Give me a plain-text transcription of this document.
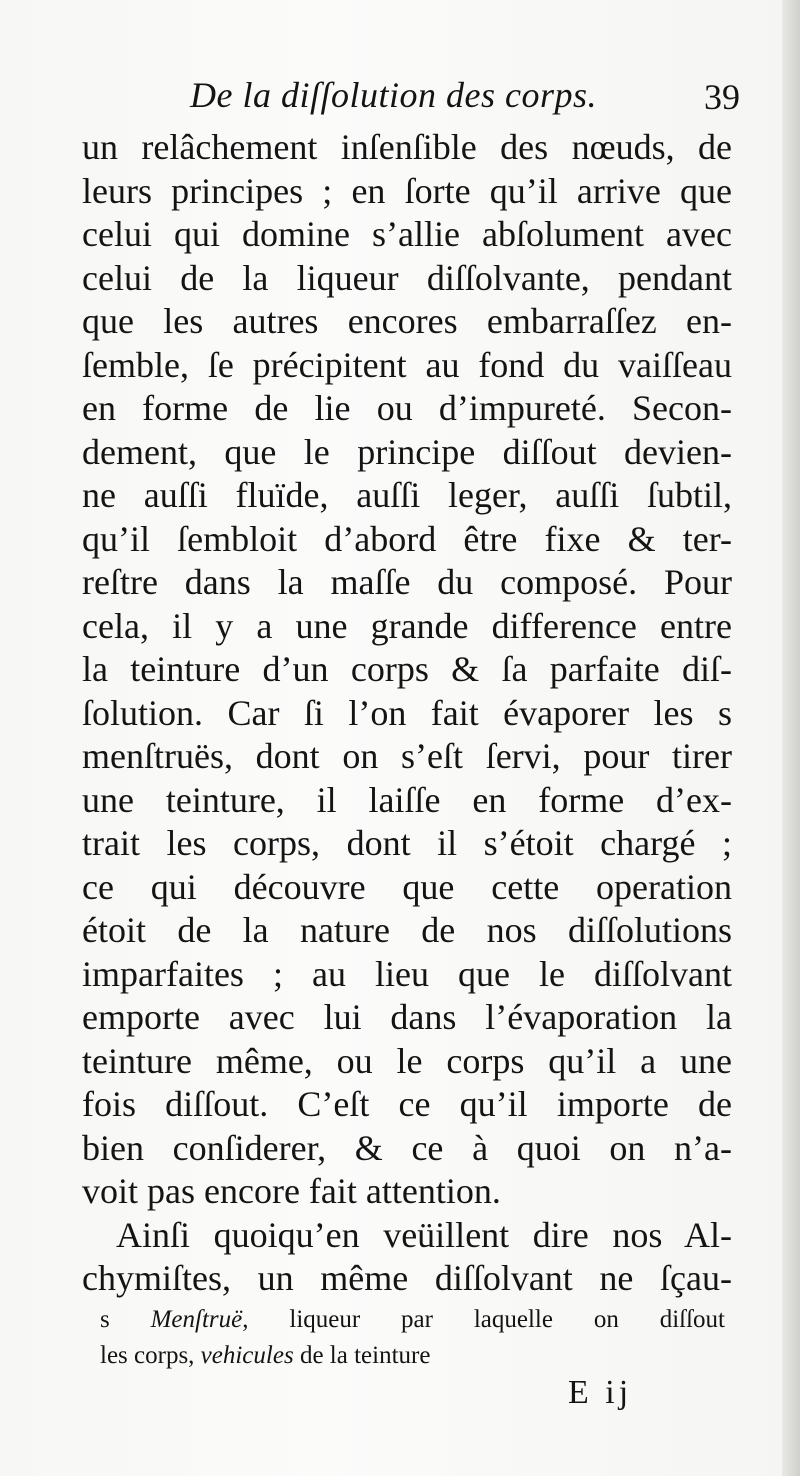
De la diſſolution des corps.	39
un relâchement inſenſible des nœuds, de
leurs principes ; en ſorte qu’il arrive que
celui qui domine s’allie abſolument avec
celui de la liqueur diſſolvante, pendant
que les autres encores embarraſſez en-
ſemble, ſe précipitent au fond du vaiſſeau
en forme de lie ou d’impureté. Secon-
dement, que le principe diſſout devien-
ne auſſi fluïde, auſſi leger, auſſi ſubtil,
qu’il ſembloit d’abord être fixe & ter-
reſtre dans la maſſe du composé. Pour
cela, il y a une grande difference entre
la teinture d’un corps & ſa parfaite diſ-
ſolution. Car ſi l’on fait évaporer les s
menſtruës, dont on s’eſt ſervi, pour tirer
une teinture, il laiſſe en forme d’ex-
trait les corps, dont il s’étoit chargé ;
ce qui découvre que cette operation
étoit de la nature de nos diſſolutions
imparfaites ; au lieu que le diſſolvant
emporte avec lui dans l’évaporation la
teinture même, ou le corps qu’il a une
fois diſſout. C’eſt ce qu’il importe de
bien conſiderer, & ce à quoi on n’a-
voit pas encore fait attention.
Ainſi quoiqu’en veüillent dire nos Al-
chymiſtes, un même diſſolvant ne ſçau-
s Menſtruë, liqueur par laquelle on diſſout
les corps, vehicules de la teinture
E ij
